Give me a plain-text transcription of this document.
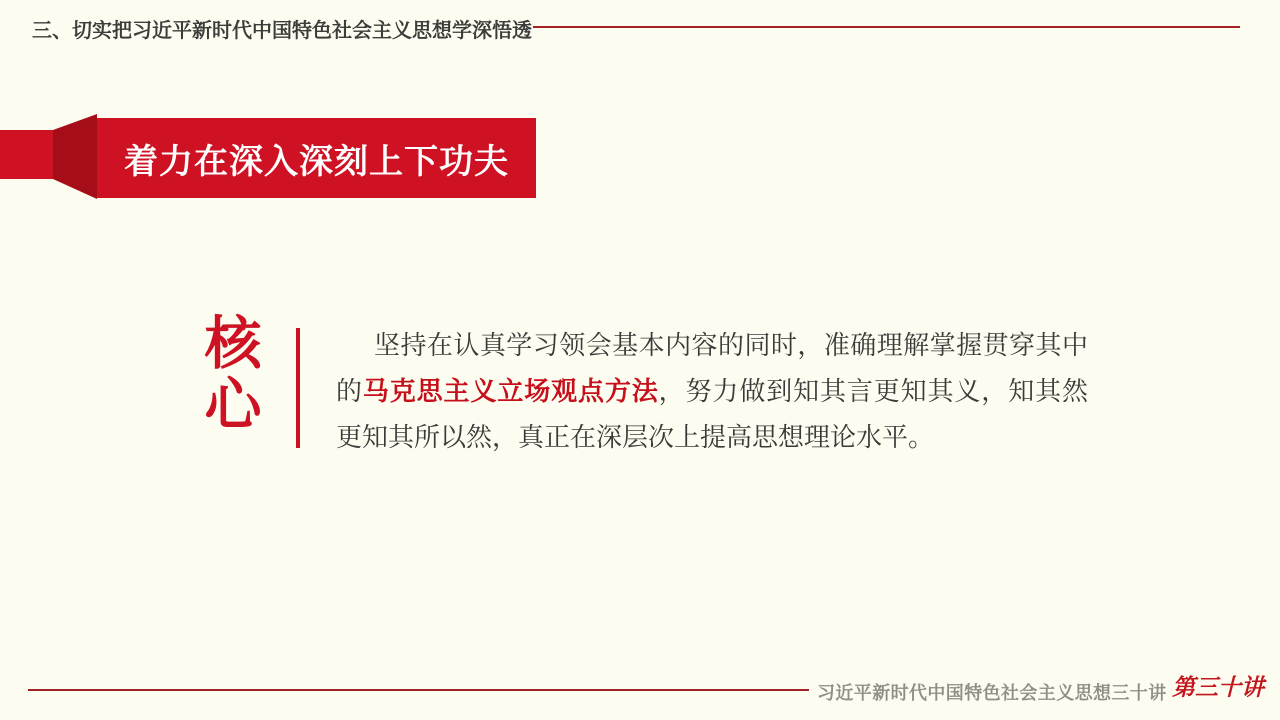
三、切实把习近平新时代中国特色社会主义思想学深悟透
着力在深入深刻上下功夫
核心

坚持在认真学习领会基本内容的同时，准确理解掌握贯穿其中的马克思主义立场观点方法，努力做到知其言更知其义，知其然更知其所以然，真正在深层次上提高思想理论水平。

习近平新时代中国特色社会主义思想三十讲 第三十讲
